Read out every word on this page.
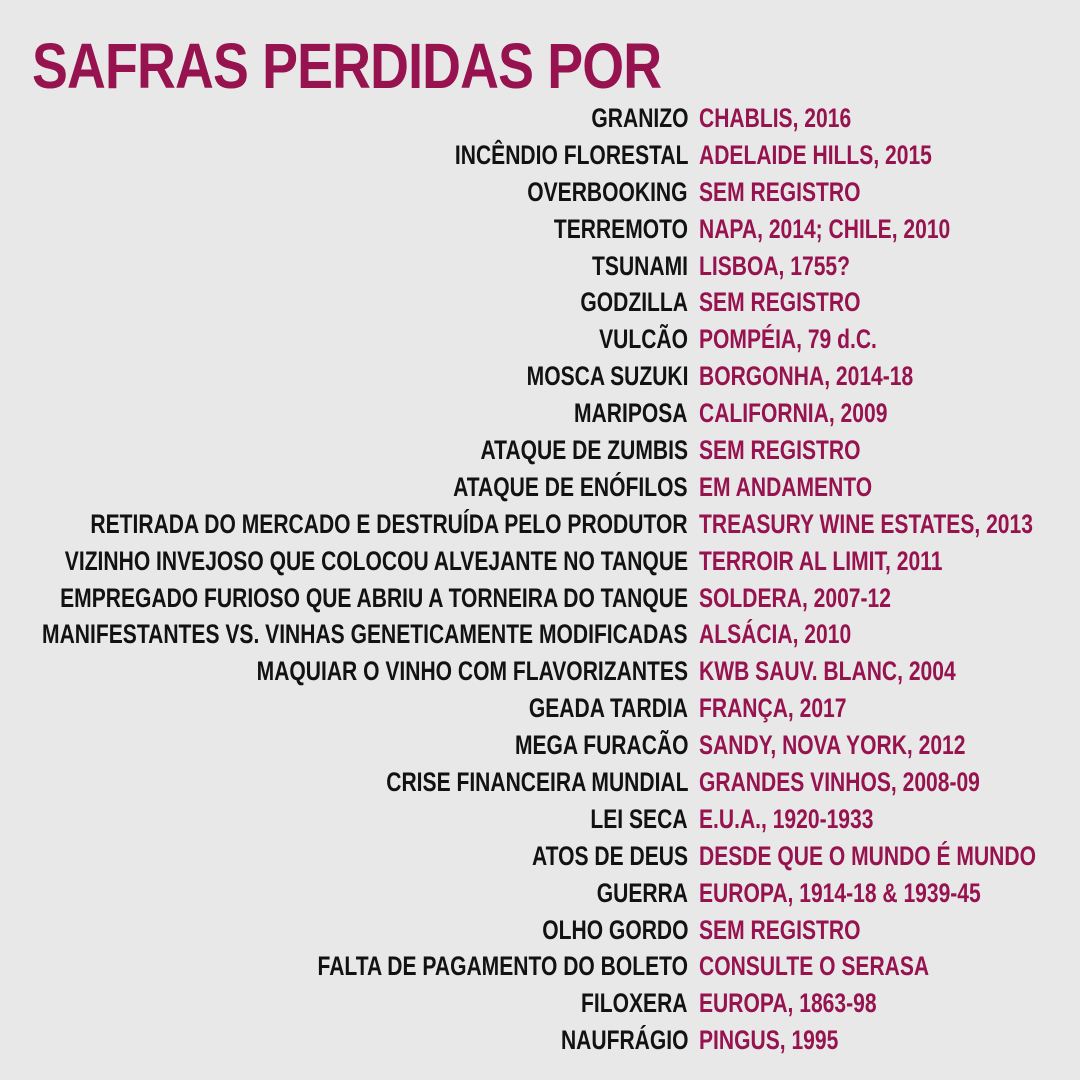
SAFRAS PERDIDAS POR
GRANIZO CHABLIS, 2016
INCÊNDIO FLORESTAL ADELAIDE HILLS, 2015
OVERBOOKING SEM REGISTRO
TERREMOTO NAPA, 2014; CHILE, 2010
TSUNAMI LISBOA, 1755?
GODZILLA SEM REGISTRO
VULCÃO POMPÉIA, 79 d.C.
MOSCA SUZUKI BORGONHA, 2014-18
MARIPOSA CALIFORNIA, 2009
ATAQUE DE ZUMBIS SEM REGISTRO
ATAQUE DE ENÓFILOS EM ANDAMENTO
RETIRADA DO MERCADO E DESTRUÍDA PELO PRODUTOR TREASURY WINE ESTATES, 2013
VIZINHO INVEJOSO QUE COLOCOU ALVEJANTE NO TANQUE TERROIR AL LIMIT, 2011
EMPREGADO FURIOSO QUE ABRIU A TORNEIRA DO TANQUE SOLDERA, 2007-12
MANIFESTANTES VS. VINHAS GENETICAMENTE MODIFICADAS ALSÁCIA, 2010
MAQUIAR O VINHO COM FLAVORIZANTES KWB SAUV. BLANC, 2004
GEADA TARDIA FRANÇA, 2017
MEGA FURACÃO SANDY, NOVA YORK, 2012
CRISE FINANCEIRA MUNDIAL GRANDES VINHOS, 2008-09
LEI SECA E.U.A., 1920-1933
ATOS DE DEUS DESDE QUE O MUNDO É MUNDO
GUERRA EUROPA, 1914-18 & 1939-45
OLHO GORDO SEM REGISTRO
FALTA DE PAGAMENTO DO BOLETO CONSULTE O SERASA
FILOXERA EUROPA, 1863-98
NAUFRÁGIO PINGUS, 1995
